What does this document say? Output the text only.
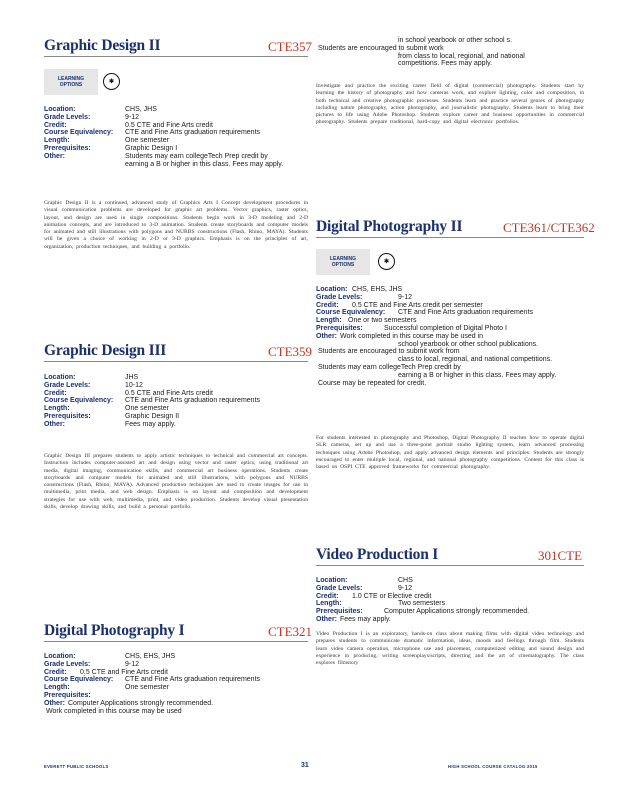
Graphic Design II	CTE357
LEARNING OPTIONS	✱
Location:	CHS, JHS
Grade Levels:	9-12
Credit:	0.5 CTE and Fine Arts credit
Course Equivalency: CTE and Fine Arts graduation requirements
Length:	One semester
Prerequisites:	Graphic Design I
Other:	Students may earn collegeTech Prep credit by
earning a B or higher in this class. Fees may apply.
Graphic Design II is a continued, advanced study of Graphics Arts I Concept development procedures in visual communication problems are developed for graphic art problems. Vector graphics, raster optics, layout, and design are used in single compositions. Students begin work in 3-D modeling and 2-D animation concepts, and are introduced to 3-D animation. Students create storyboards and computer models for animated and still illustrations with polygons and NURBS constructions (Flash, Rhino, MAYA). Students will be given a choice of working in 2-D or 3-D graphics. Emphasis is on the principles of art, organization, production techniques, and building a portfolio.
Graphic Design III	CTE359
Location:	JHS
Grade Levels:	10-12
Credit:	0.5 CTE and Fine Arts credit
Course Equivalency: CTE and Fine Arts graduation requirements
Length:	One semester
Prerequisites:	Graphic Design II
Other:	Fees may apply.
Graphic Design III prepares students to apply artistic techniques to technical and commercial art concepts. Instruction includes computer-assisted art and design using vector and raster optics, using traditional art media, digital imaging, communication skills, and commercial art business operations. Students create storyboards and computer models for animated and still illustrations, with polygons and NURBS constructions (Flash, Rhino, MAYA). Advanced production techniques are used to create images for use in multimedia, print media, and web design. Emphasis is on layout and composition and development strategies for use with web, multimedia, print, and video production. Students develop visual presentation skills, develop drawing skills, and build a personal portfolio.
Digital Photography I	CTE321
Location:	CHS, EHS, JHS
Grade Levels:	9-12
Credit: 0.5 CTE and Fine Arts credit
Course Equivalency: CTE and Fine Arts graduation requirements
Length:	One semester
Prerequisites:
Other: Computer Applications strongly recommended.
Work completed in this course may be used
in school yearbook or other school s.
Students are encouraged to submit work
from class to local, regional, and national
competitions. Fees may apply.
Investigate and practice the exciting career field of digital (commercial) photography. Students start by learning the history of photography and how cameras work, and explore lighting, color and composition, in both technical and creative photographic processes. Students learn and practice several genres of photography including nature photography, action photography, and journalistic photography. Students learn to bring their pictures to life using Adobe Photoshop. Students explore career and business opportunities in commercial photography. Students prepare traditional, hard-copy and digital electronic portfolios.
Digital Photography II	CTE361/CTE362
LEARNING OPTIONS	✱
Location: CHS, EHS, JHS
Grade Levels:	9-12
Credit: 0.5 CTE and Fine Arts credit per semester
Course Equivalency: CTE and Fine Arts graduation requirements
Length: One or two semesters
Prerequisites:	Successful completion of Digital Photo I
Other: Work completed in this course may be used in
school yearbook or other school publications.
Students are encouraged to submit work from
class to local, regional, and national competitions.
Students may earn collegeTech Prep credit by
earning a B or higher in this class. Fees may apply.
Course may be repeated for credit.
For students interested in photography and Photoshop, Digital Photography II teaches how to operate digital SLR cameras, set up and use a three-point portrait studio lighting system, learn advanced processing techniques using Adobe Photoshop, and apply advanced design elements and principles. Students are strongly encouraged to enter multiple local, regional, and national photography competitions. Content for this class is based on OSPI CTE approved frameworks for commercial photography.
Video Production I	301CTE
Location:	CHS
Grade Levels:	9-12
Credit: 1.0 CTE or Elective credit
Length:	Two semesters
Prerequisites:	Computer Applications strongly recommended.
Other: Fees may apply.
Video Production I is an exploratory, hands-on class about making films with digital video technology and prepares students to communicate dramatic information, ideas, moods and feelings through film. Students learn video camera operation, microphone use and placement, computerized editing and sound design and experience in producing, writing screenplays/scripts, directing and the art of cinematography. The class explores filmstory
EVERETT PUBLIC SCHOOLS	31	HIGH SCHOOL COURSE CATALOG 2015
